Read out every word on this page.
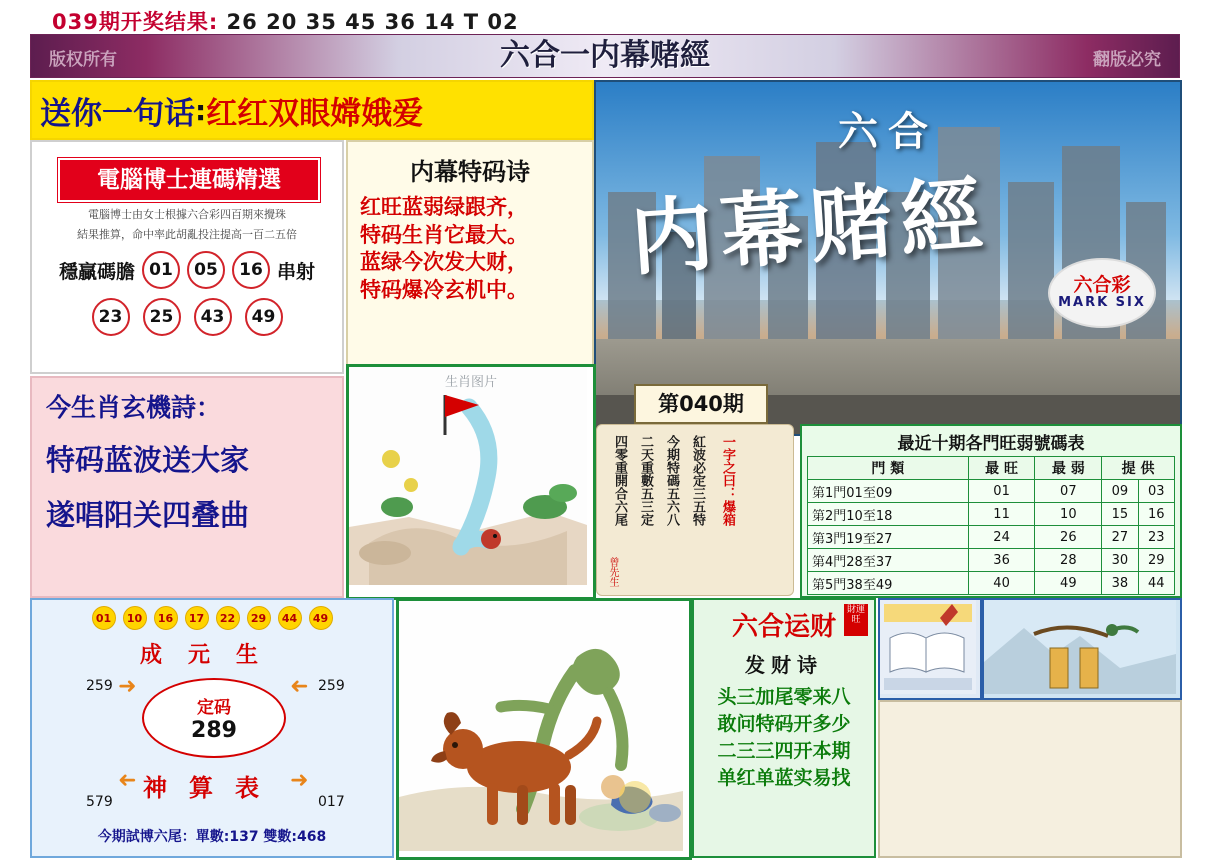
039期开奖结果: 26 20 35 45 36 14 T 02
版权所有	六合一内幕赌經	翻版必究
送你一句话 : 红红双眼嫦娥爱
電腦博士連碼精選
電腦博士由女士根據六合彩四百期來攪珠
結果推算，命中率此胡亂投注提高一百二五倍
穩贏碼膽 01	05	16 串射
23	25	43	49
内幕特码诗
红旺蓝弱绿跟齐，
特码生肖它最大。
蓝绿今次发大财，
特码爆冷玄机中。
六合
内幕赌經	六合彩
MARK SIX
第040期
今生肖玄機詩：
特码蓝波送大家
遂唱阳关四叠曲
生肖图片
四零重開合六尾 二天重數五三定 今期特碼五六八 紅波必定三五特	一字之曰：爆箱
曾先生
最近十期各門旺弱號碼表
門 類	最 旺	最 弱	提 供	
第1門01至09	01	07	09	03
第2門10至18	11	10	15	16
第3門19至27	24	26	27	23
第4門28至37	36	28	30	29
第5門38至49	40	49	38	44
01	10	16	17	22	29	44	49
成元生
定码
289
神算表
259	259
579	017
➜	➜
➜	➜
今期試博六尾：單數:137 雙數:468
財運旺
六合运财
发财诗
头三加尾零来八
敢问特码开多少
二三三四开本期
单红单蓝实易找
